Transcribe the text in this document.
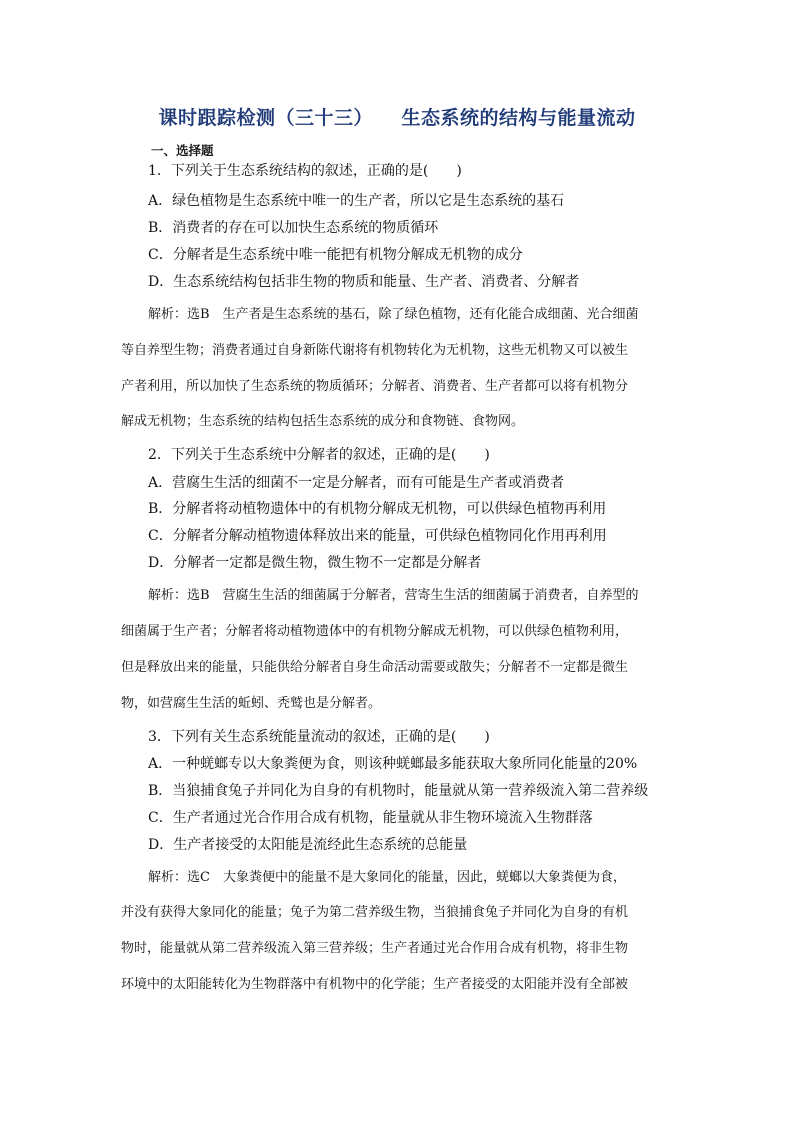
课时跟踪检测（三十三）    生态系统的结构与能量流动
一、选择题
1．下列关于生态系统结构的叙述，正确的是(　　)
A．绿色植物是生态系统中唯一的生产者，所以它是生态系统的基石
B．消费者的存在可以加快生态系统的物质循环
C．分解者是生态系统中唯一能把有机物分解成无机物的成分
D．生态系统结构包括非生物的物质和能量、生产者、消费者、分解者
解析：选B　生产者是生态系统的基石，除了绿色植物，还有化能合成细菌、光合细菌
等自养型生物；消费者通过自身新陈代谢将有机物转化为无机物，这些无机物又可以被生
产者利用，所以加快了生态系统的物质循环；分解者、消费者、生产者都可以将有机物分
解成无机物；生态系统的结构包括生态系统的成分和食物链、食物网。
2．下列关于生态系统中分解者的叙述，正确的是(　　)
A．营腐生生活的细菌不一定是分解者，而有可能是生产者或消费者
B．分解者将动植物遗体中的有机物分解成无机物，可以供绿色植物再利用
C．分解者分解动植物遗体释放出来的能量，可供绿色植物同化作用再利用
D．分解者一定都是微生物，微生物不一定都是分解者
解析：选B　营腐生生活的细菌属于分解者，营寄生生活的细菌属于消费者，自养型的
细菌属于生产者；分解者将动植物遗体中的有机物分解成无机物，可以供绿色植物利用，
但是释放出来的能量，只能供给分解者自身生命活动需要或散失；分解者不一定都是微生
物，如营腐生生活的蚯蚓、秃鹫也是分解者。
3．下列有关生态系统能量流动的叙述，正确的是(　　)
A．一种蜣螂专以大象粪便为食，则该种蜣螂最多能获取大象所同化能量的20%
B．当狼捕食兔子并同化为自身的有机物时，能量就从第一营养级流入第二营养级
C．生产者通过光合作用合成有机物，能量就从非生物环境流入生物群落
D．生产者接受的太阳能是流经此生态系统的总能量
解析：选C　大象粪便中的能量不是大象同化的能量，因此，蜣螂以大象粪便为食，
并没有获得大象同化的能量；兔子为第二营养级生物，当狼捕食兔子并同化为自身的有机
物时，能量就从第二营养级流入第三营养级；生产者通过光合作用合成有机物，将非生物
环境中的太阳能转化为生物群落中有机物中的化学能；生产者接受的太阳能并没有全部被
